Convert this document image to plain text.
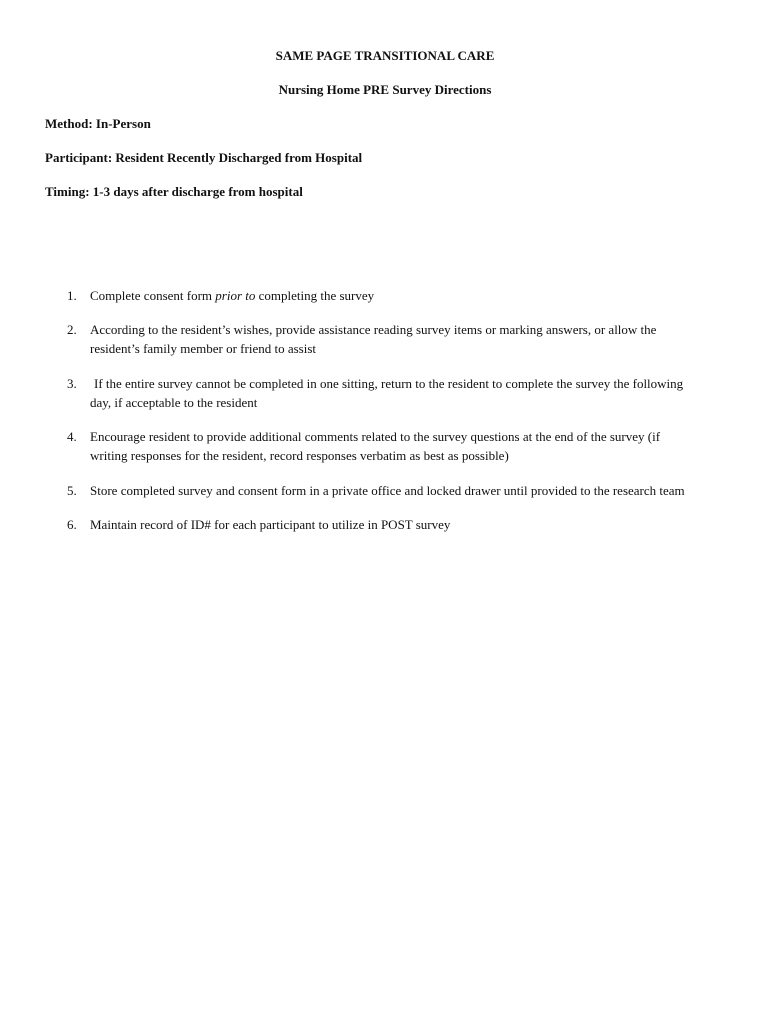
SAME PAGE TRANSITIONAL CARE
Nursing Home PRE Survey Directions
Method: In-Person
Participant: Resident Recently Discharged from Hospital
Timing: 1-3 days after discharge from hospital
1. Complete consent form prior to completing the survey
2. According to the resident’s wishes, provide assistance reading survey items or marking answers, or allow the
resident’s family member or friend to assist
3.	If the entire survey cannot be completed in one sitting, return to the resident to complete the survey the following
day, if acceptable to the resident
4. Encourage resident to provide additional comments related to the survey questions at the end of the survey (if
writing responses for the resident, record responses verbatim as best as possible)
5. Store completed survey and consent form in a private office and locked drawer until provided to the research team
6. Maintain record of ID# for each participant to utilize in POST survey
